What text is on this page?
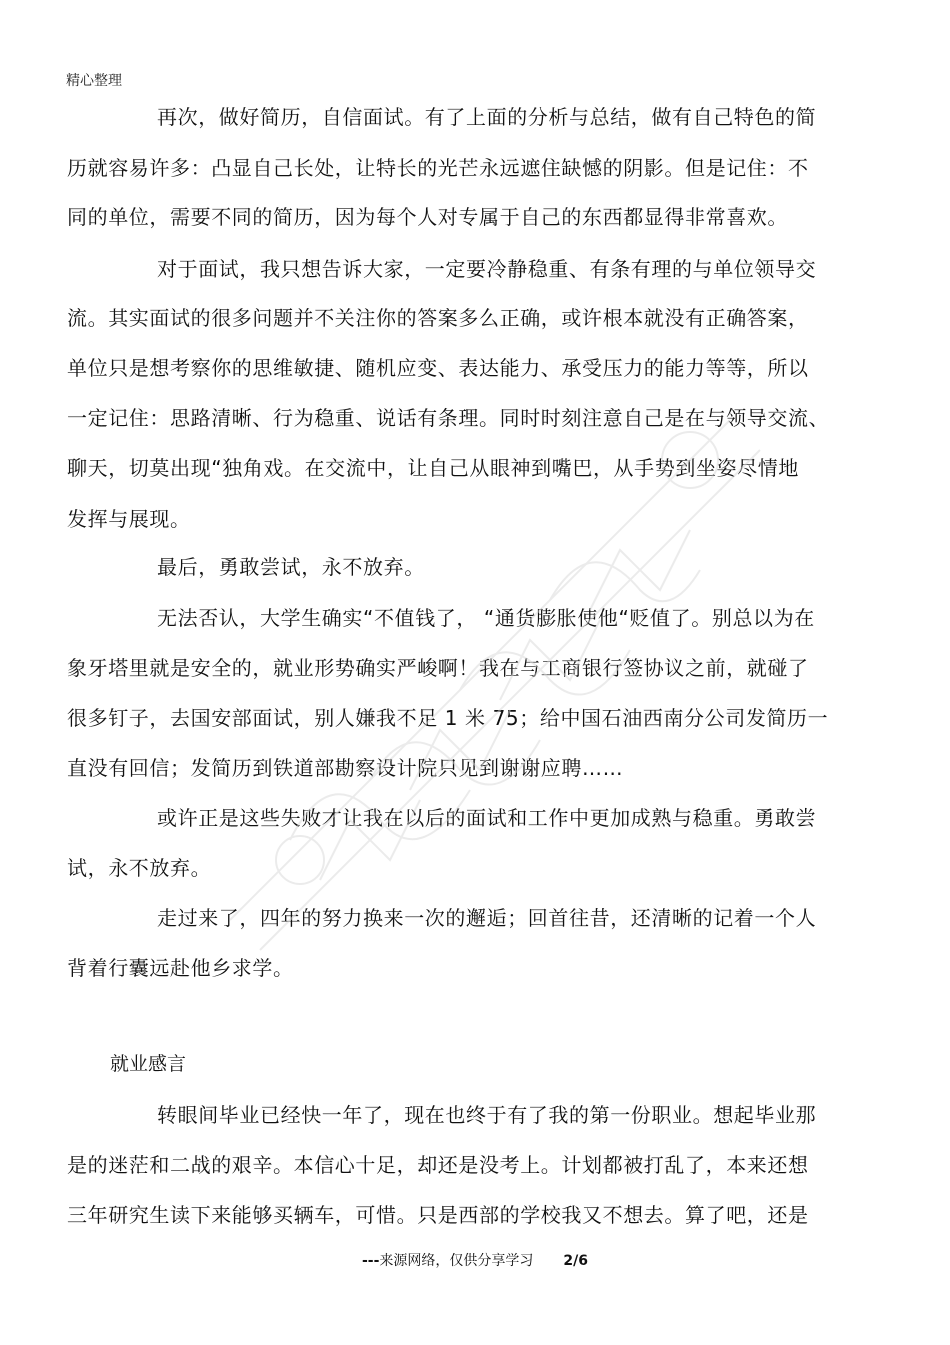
精心整理
再次，做好简历，自信面试。有了上面的分析与总结，做有自己特色的简
历就容易许多：凸显自己长处，让特长的光芒永远遮住缺憾的阴影。但是记住：不
同的单位，需要不同的简历，因为每个人对专属于自己的东西都显得非常喜欢。
对于面试，我只想告诉大家，一定要冷静稳重、有条有理的与单位领导交
流。其实面试的很多问题并不关注你的答案多么正确，或许根本就没有正确答案，
单位只是想考察你的思维敏捷、随机应变、表达能力、承受压力的能力等等，所以
一定记住：思路清晰、行为稳重、说话有条理。同时时刻注意自己是在与领导交流、
聊天，切莫出现“独角戏。在交流中，让自己从眼神到嘴巴，从手势到坐姿尽情地
发挥与展现。
最后，勇敢尝试，永不放弃。
无法否认，大学生确实“不值钱了， “通货膨胀使他“贬值了。别总以为在
象牙塔里就是安全的，就业形势确实严峻啊！我在与工商银行签协议之前，就碰了
很多钉子，去国安部面试，别人嫌我不足 1 米 75；给中国石油西南分公司发简历一
直没有回信；发简历到铁道部勘察设计院只见到谢谢应聘……
或许正是这些失败才让我在以后的面试和工作中更加成熟与稳重。勇敢尝
试，永不放弃。
走过来了，四年的努力换来一次的邂逅；回首往昔，还清晰的记着一个人
背着行囊远赴他乡求学。
就业感言
转眼间毕业已经快一年了，现在也终于有了我的第一份职业。想起毕业那
是的迷茫和二战的艰辛。本信心十足，却还是没考上。计划都被打乱了，本来还想
三年研究生读下来能够买辆车，可惜。只是西部的学校我又不想去。算了吧，还是
---来源网络，仅供分享学习 2/6
